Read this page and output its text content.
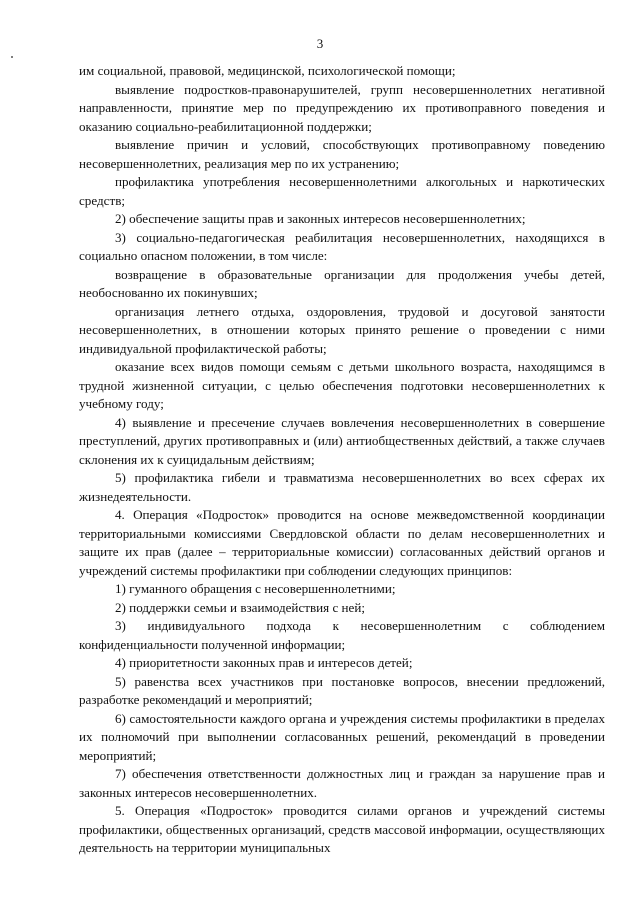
3

им социальной, правовой, медицинской, психологической помощи;

выявление подростков-правонарушителей, групп несовершеннолетних негативной направленности, принятие мер по предупреждению их противоправного поведения и оказанию социально-реабилитационной поддержки;

выявление причин и условий, способствующих противоправному поведению несовершеннолетних, реализация мер по их устранению;

профилактика употребления несовершеннолетними алкогольных и наркотических средств;

2) обеспечение защиты прав и законных интересов несовершеннолетних;

3) социально-педагогическая реабилитация несовершеннолетних, находящихся в социально опасном положении, в том числе:

возвращение в образовательные организации для продолжения учебы детей, необоснованно их покинувших;

организация летнего отдыха, оздоровления, трудовой и досуговой занятости несовершеннолетних, в отношении которых принято решение о проведении с ними индивидуальной профилактической работы;

оказание всех видов помощи семьям с детьми школьного возраста, находящимся в трудной жизненной ситуации, с целью обеспечения подготовки несовершеннолетних к учебному году;

4) выявление и пресечение случаев вовлечения несовершеннолетних в совершение преступлений, других противоправных и (или) антиобщественных действий, а также случаев склонения их к суицидальным действиям;

5) профилактика гибели и травматизма несовершеннолетних во всех сферах их жизнедеятельности.

4. Операция «Подросток» проводится на основе межведомственной координации территориальными комиссиями Свердловской области по делам несовершеннолетних и защите их прав (далее – территориальные комиссии) согласованных действий органов и учреждений системы профилактики при соблюдении следующих принципов:

1) гуманного обращения с несовершеннолетними;

2) поддержки семьи и взаимодействия с ней;

3) индивидуального подхода к несовершеннолетним с соблюдением конфиденциальности полученной информации;

4) приоритетности законных прав и интересов детей;

5) равенства всех участников при постановке вопросов, внесении предложений, разработке рекомендаций и мероприятий;

6) самостоятельности каждого органа и учреждения системы профилактики в пределах их полномочий при выполнении согласованных решений, рекомендаций в проведении мероприятий;

7) обеспечения ответственности должностных лиц и граждан за нарушение прав и законных интересов несовершеннолетних.

5. Операция «Подросток» проводится силами органов и учреждений системы профилактики, общественных организаций, средств массовой информации, осуществляющих деятельность на территории муниципальных
